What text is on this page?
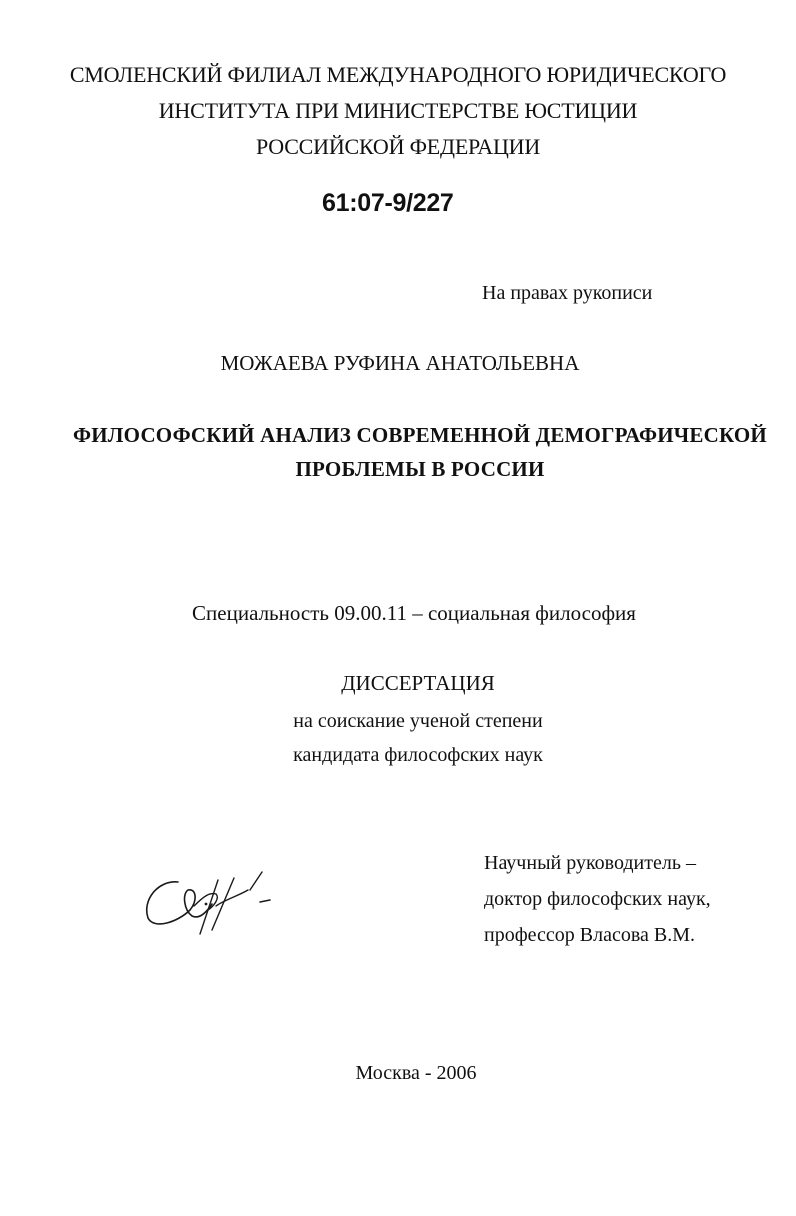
СМОЛЕНСКИЙ ФИЛИАЛ МЕЖДУНАРОДНОГО ЮРИДИЧЕСКОГО
ИНСТИТУТА ПРИ МИНИСТЕРСТВЕ ЮСТИЦИИ
РОССИЙСКОЙ ФЕДЕРАЦИИ
61:07-9/227
На правах рукописи
МОЖАЕВА РУФИНА АНАТОЛЬЕВНА
ФИЛОСОФСКИЙ АНАЛИЗ СОВРЕМЕННОЙ ДЕМОГРАФИЧЕСКОЙ
ПРОБЛЕМЫ В РОССИИ
Специальность 09.00.11 – социальная философия
ДИССЕРТАЦИЯ
на соискание ученой степени
кандидата философских наук
Научный руководитель –
доктор философских наук,
профессор Власова В.М.
Москва - 2006
